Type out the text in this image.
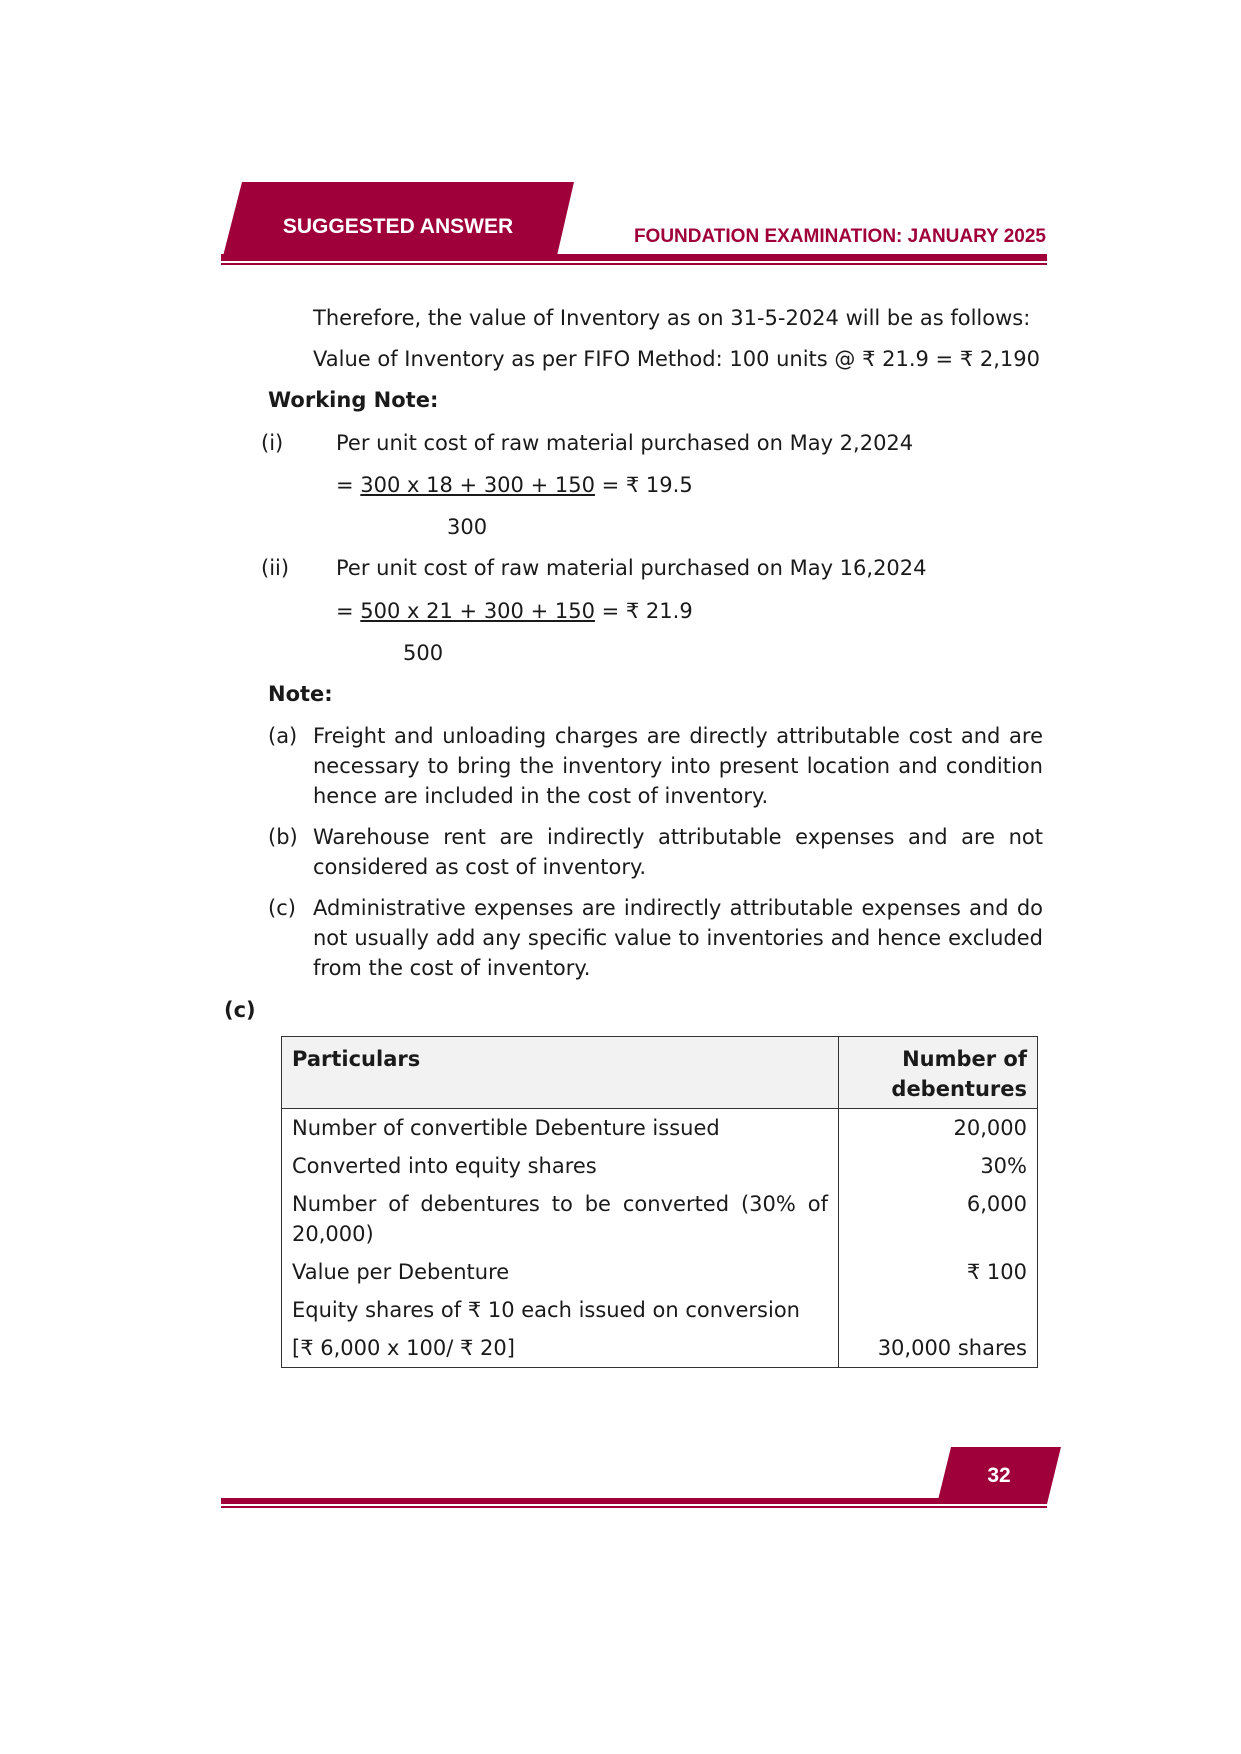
SUGGESTED ANSWER	FOUNDATION EXAMINATION: JANUARY 2025
Therefore, the value of Inventory as on 31-5-2024 will be as follows:
Value of Inventory as per FIFO Method: 100 units @ ₹ 21.9 = ₹ 2,190
Working Note:
(i)	Per unit cost of raw material purchased on May 2,2024
= 300 x 18 + 300 + 150 = ₹ 19.5
300
(ii) Per unit cost of raw material purchased on May 16,2024
= 500 x 21 + 300 + 150 = ₹ 21.9
500
Note:
(a) Freight and unloading charges are directly attributable cost and are necessary to bring the inventory into present location and condition hence are included in the cost of inventory.
(b) Warehouse rent are indirectly attributable expenses and are not considered as cost of inventory.
(c) Administrative expenses are indirectly attributable expenses and do not usually add any specific value to inventories and hence excluded from the cost of inventory.
(c)
Particulars	Number of debentures
Number of convertible Debenture issued	20,000
Converted into equity shares	30%
Number of debentures to be converted (30% of 20,000)	6,000
Value per Debenture	₹ 100
Equity shares of ₹ 10 each issued on conversion	
[₹ 6,000 x 100/ ₹ 20]	30,000 shares
32
